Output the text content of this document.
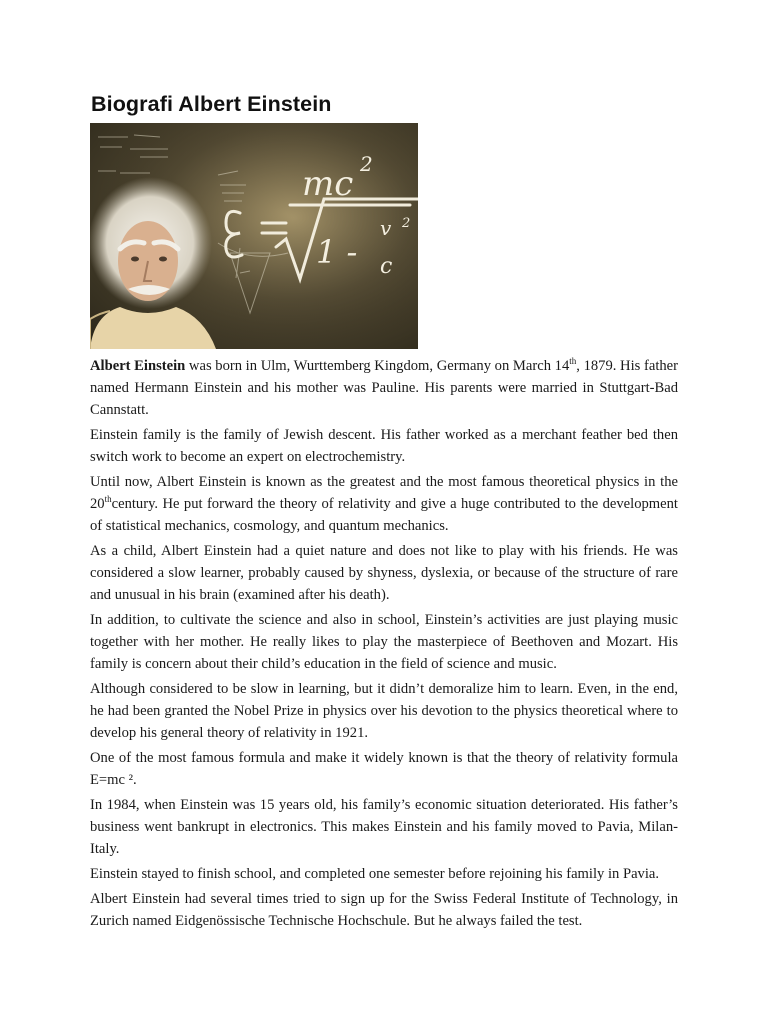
Biografi Albert Einstein
mc 2
1 -
v 2
c

Albert Einstein was born in Ulm, Wurttemberg Kingdom, Germany on March 14th, 1879. His father named Hermann Einstein and his mother was Pauline. His parents were married in Stuttgart-Bad Cannstatt.

Einstein family is the family of Jewish descent. His father worked as a merchant feather bed then switch work to become an expert on electrochemistry.

Until now, Albert Einstein is known as the greatest and the most famous theoretical physics in the 20thcentury. He put forward the theory of relativity and give a huge contributed to the development of statistical mechanics, cosmology, and quantum mechanics.

As a child, Albert Einstein had a quiet nature and does not like to play with his friends. He was considered a slow learner, probably caused by shyness, dyslexia, or because of the structure of rare and unusual in his brain (examined after his death).

In addition, to cultivate the science and also in school, Einstein’s activities are just playing music together with her mother. He really likes to play the masterpiece of Beethoven and Mozart. His family is concern about their child’s education in the field of science and music.

Although considered to be slow in learning, but it didn’t demoralize him to learn. Even, in the end, he had been granted the Nobel Prize in physics over his devotion to the physics theoretical where to develop his general theory of relativity in 1921.

One of the most famous formula and make it widely known is that the theory of relativity formula E=mc ².

In 1984, when Einstein was 15 years old, his family’s economic situation deteriorated. His father’s business went bankrupt in electronics. This makes Einstein and his family moved to Pavia, Milan-Italy.

Einstein stayed to finish school, and completed one semester before rejoining his family in Pavia.

Albert Einstein had several times tried to sign up for the Swiss Federal Institute of Technology, in Zurich named Eidgenössische Technische Hochschule. But he always failed the test.
